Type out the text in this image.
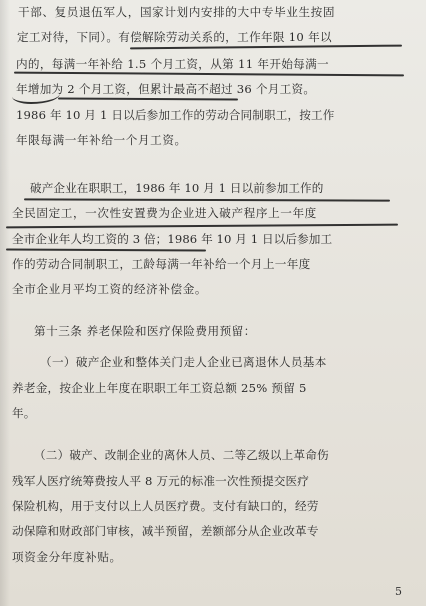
干部、复员退伍军人，国家计划内安排的大中专毕业生按固
定工对待，下同）。有偿解除劳动关系的，工作年限 10 年以
内的，每满一年补给 1.5 个月工资，从第 11 年开始每满一
年增加为 2 个月工资，但累计最高不超过 36 个月工资。
1986 年 10 月 1 日以后参加工作的劳动合同制职工，按工作
年限每满一年补给一个月工资。
破产企业在职职工，1986 年 10 月 1 日以前参加工作的
全民固定工，一次性安置费为企业进入破产程序上一年度
全市企业年人均工资的 3 倍；1986 年 10 月 1 日以后参加工
作的劳动合同制职工，工龄每满一年补给一个月上一年度
全市企业月平均工资的经济补偿金。
第十三条 养老保险和医疗保险费用预留：
（一）破产企业和整体关门走人企业已离退休人员基本
养老金，按企业上年度在职职工年工资总额 25% 预留 5
年。
（二）破产、改制企业的离休人员、二等乙级以上革命伤
残军人医疗统筹费按人平 8 万元的标准一次性预提交医疗
保险机构，用于支付以上人员医疗费。支付有缺口的，经劳
动保障和财政部门审核，减半预留，差额部分从企业改革专
项资金分年度补贴。
5
